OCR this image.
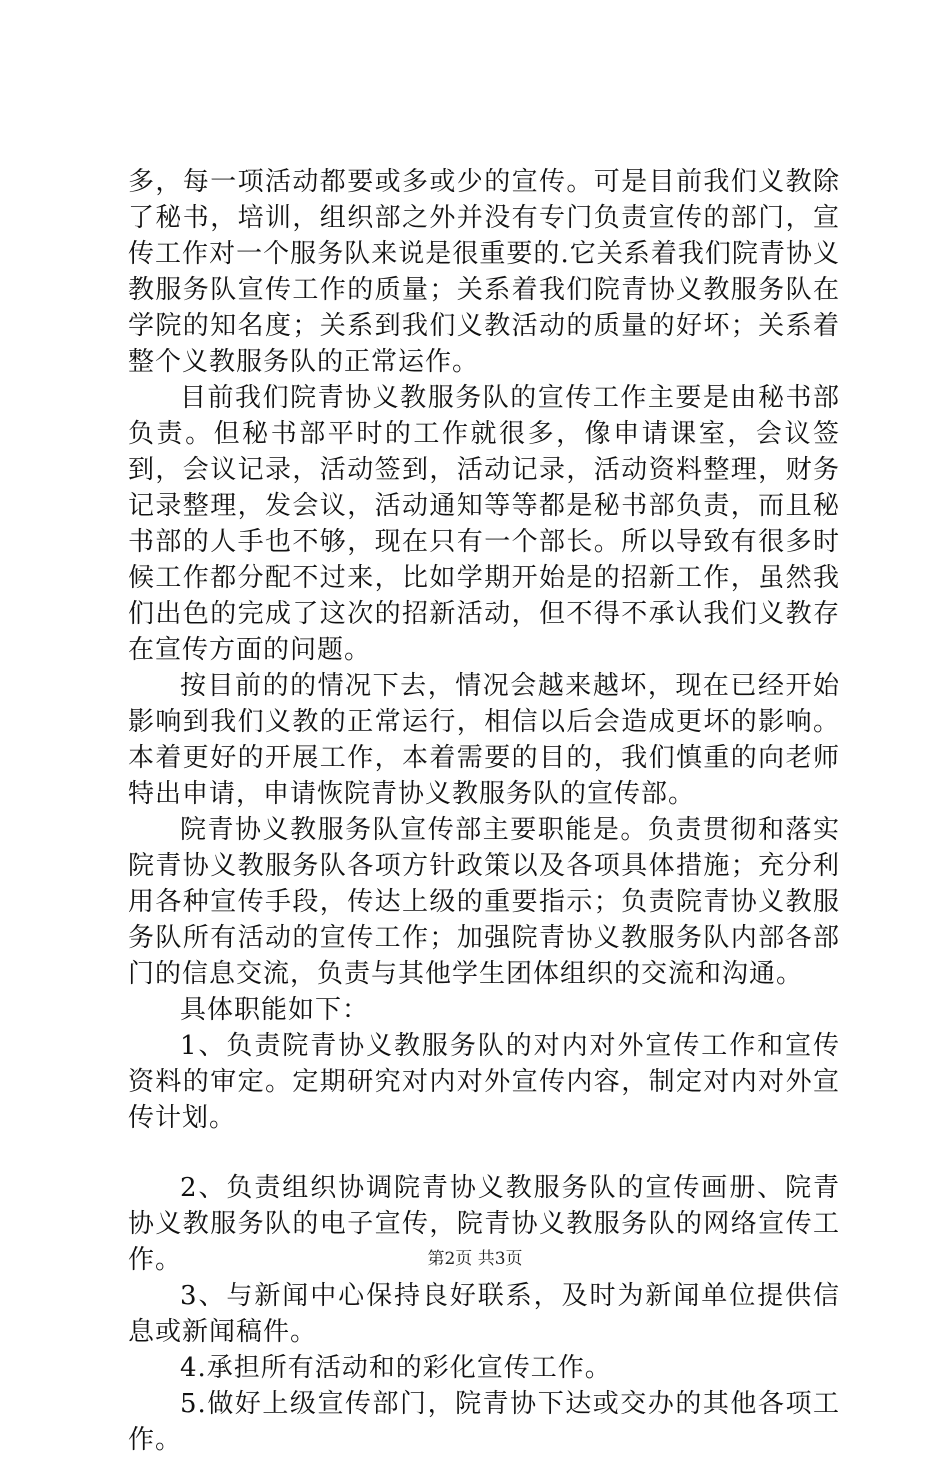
多，每一项活动都要或多或少的宣传。可是目前我们义教除了秘书，培训，组织部之外并没有专门负责宣传的部门，宣传工作对一个服务队来说是很重要的.它关系着我们院青协义教服务队宣传工作的质量；关系着我们院青协义教服务队在学院的知名度；关系到我们义教活动的质量的好坏；关系着整个义教服务队的正常运作。

目前我们院青协义教服务队的宣传工作主要是由秘书部负责。但秘书部平时的工作就很多，像申请课室，会议签到，会议记录，活动签到，活动记录，活动资料整理，财务记录整理，发会议，活动通知等等都是秘书部负责，而且秘书部的人手也不够，现在只有一个部长。所以导致有很多时候工作都分配不过来，比如学期开始是的招新工作，虽然我们出色的完成了这次的招新活动，但不得不承认我们义教存在宣传方面的问题。

按目前的的情况下去，情况会越来越坏，现在已经开始影响到我们义教的正常运行，相信以后会造成更坏的影响。本着更好的开展工作，本着需要的目的，我们慎重的向老师特出申请，申请恢院青协义教服务队的宣传部。

院青协义教服务队宣传部主要职能是。负责贯彻和落实院青协义教服务队各项方针政策以及各项具体措施；充分利用各种宣传手段，传达上级的重要指示；负责院青协义教服务队所有活动的宣传工作；加强院青协义教服务队内部各部门的信息交流，负责与其他学生团体组织的交流和沟通。

具体职能如下：

1、负责院青协义教服务队的对内对外宣传工作和宣传资料的审定。定期研究对内对外宣传内容，制定对内对外宣传计划。

2、负责组织协调院青协义教服务队的宣传画册、院青协义教服务队的电子宣传，院青协义教服务队的网络宣传工作。

3、与新闻中心保持良好联系，及时为新闻单位提供信息或新闻稿件。

4.承担所有活动和的彩化宣传工作。

5.做好上级宣传部门，院青协下达或交办的其他各项工作。

第2页 共3页
